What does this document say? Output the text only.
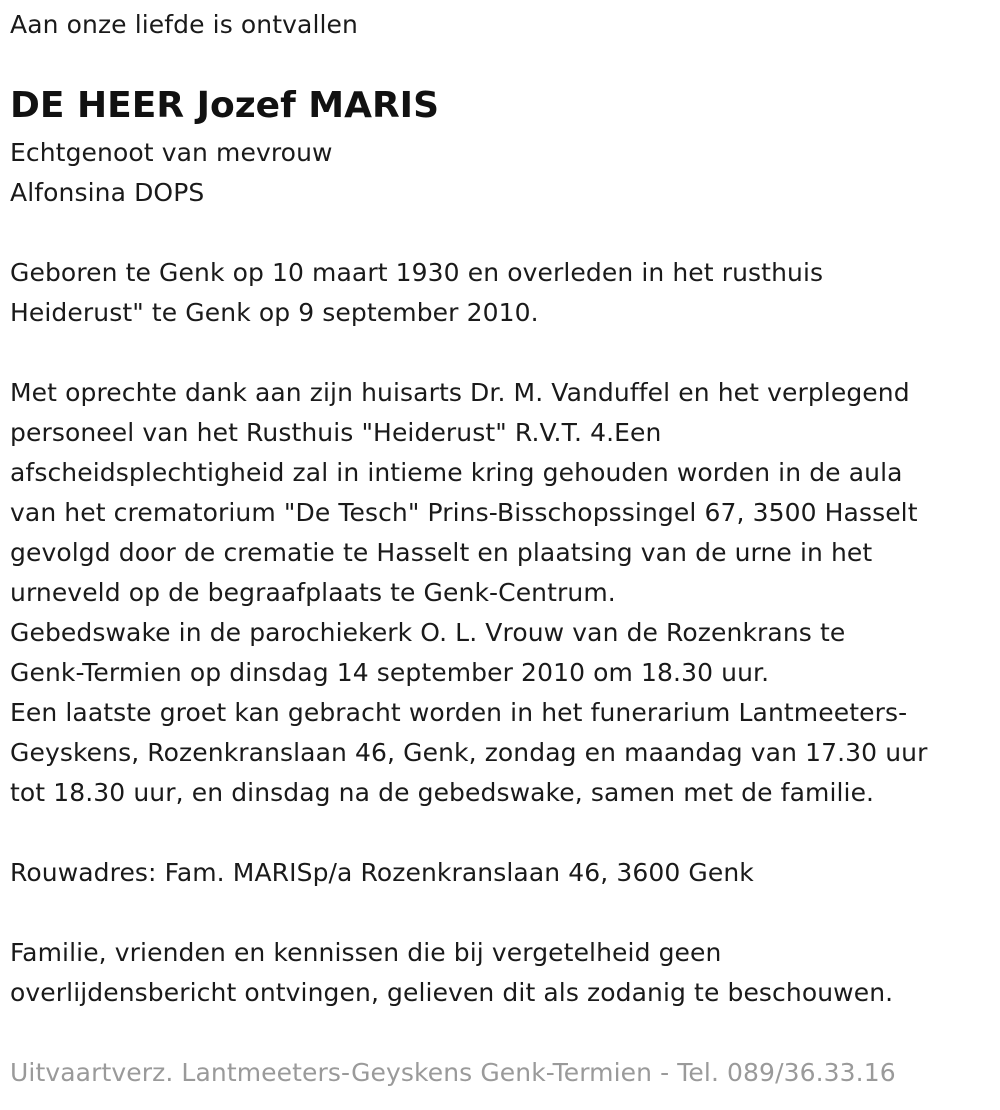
Aan onze liefde is ontvallen
DE HEER Jozef MARIS
Echtgenoot van mevrouw
Alfonsina DOPS
Geboren te Genk op 10 maart 1930 en overleden in het rusthuis
Heiderust" te Genk op 9 september 2010.
Met oprechte dank aan zijn huisarts Dr. M. Vanduffel en het verplegend
personeel van het Rusthuis "Heiderust" R.V.T. 4.Een
afscheidsplechtigheid zal in intieme kring gehouden worden in de aula
van het crematorium "De Tesch" Prins-Bisschopssingel 67, 3500 Hasselt
gevolgd door de crematie te Hasselt en plaatsing van de urne in het
urneveld op de begraafplaats te Genk-Centrum.
Gebedswake in de parochiekerk O. L. Vrouw van de Rozenkrans te
Genk-Termien op dinsdag 14 september 2010 om 18.30 uur.
Een laatste groet kan gebracht worden in het funerarium Lantmeeters-
Geyskens, Rozenkranslaan 46, Genk, zondag en maandag van 17.30 uur
tot 18.30 uur, en dinsdag na de gebedswake, samen met de familie.
Rouwadres: Fam. MARISp/a Rozenkranslaan 46, 3600 Genk
Familie, vrienden en kennissen die bij vergetelheid geen
overlijdensbericht ontvingen, gelieven dit als zodanig te beschouwen.
Uitvaartverz. Lantmeeters-Geyskens Genk-Termien - Tel. 089/36.33.16
